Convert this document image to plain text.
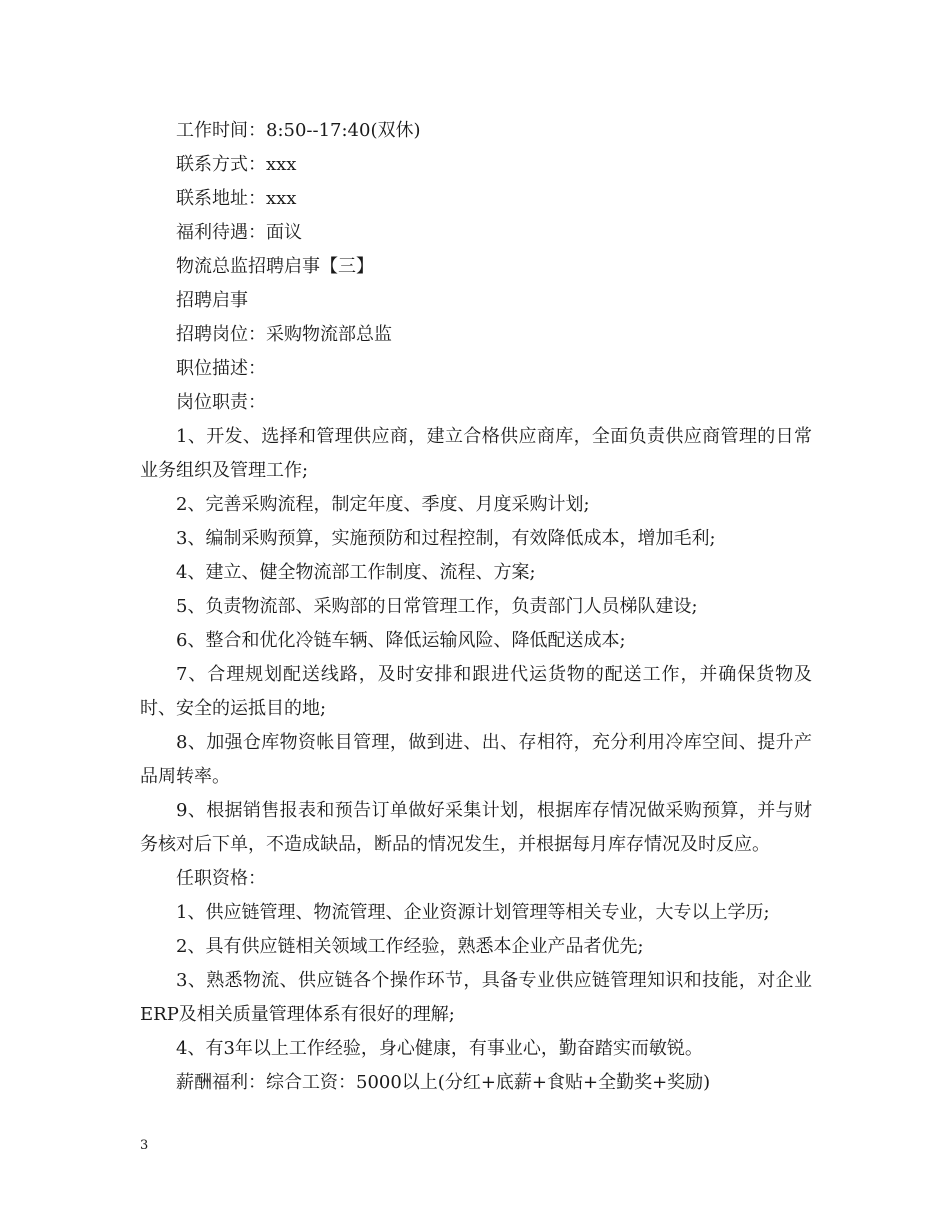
工作时间：8:50--17:40(双休)

联系方式：xxx

联系地址：xxx

福利待遇：面议

物流总监招聘启事【三】

招聘启事

招聘岗位：采购物流部总监

职位描述：

岗位职责：

1、开发、选择和管理供应商，建立合格供应商库，全面负责供应商管理的日常业务组织及管理工作;

2、完善采购流程，制定年度、季度、月度采购计划;

3、编制采购预算，实施预防和过程控制，有效降低成本，增加毛利;

4、建立、健全物流部工作制度、流程、方案;

5、负责物流部、采购部的日常管理工作，负责部门人员梯队建设;

6、整合和优化冷链车辆、降低运输风险、降低配送成本;

7、合理规划配送线路，及时安排和跟进代运货物的配送工作，并确保货物及时、安全的运抵目的地;

8、加强仓库物资帐目管理，做到进、出、存相符，充分利用冷库空间、提升产品周转率。

9、根据销售报表和预告订单做好采集计划，根据库存情况做采购预算，并与财务核对后下单，不造成缺品，断品的情况发生，并根据每月库存情况及时反应。

任职资格：

1、供应链管理、物流管理、企业资源计划管理等相关专业，大专以上学历;

2、具有供应链相关领域工作经验，熟悉本企业产品者优先;

3、熟悉物流、供应链各个操作环节，具备专业供应链管理知识和技能，对企业ERP及相关质量管理体系有很好的理解;

4、有3年以上工作经验，身心健康，有事业心，勤奋踏实而敏锐。

薪酬福利：综合工资：5000以上(分红+底薪+食贴+全勤奖+奖励)

3
